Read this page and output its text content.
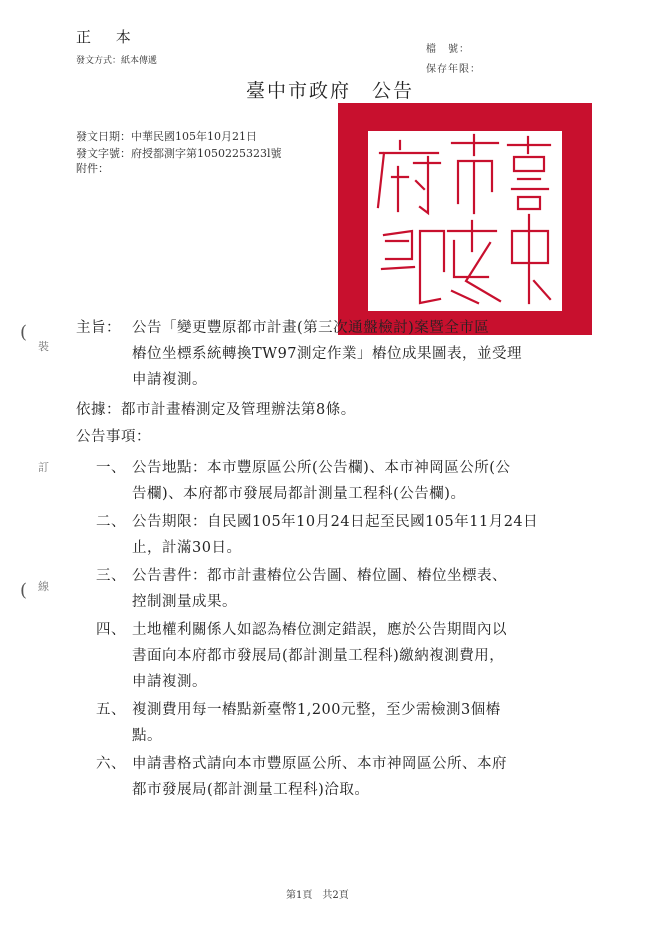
正 本
發文方式：紙本傳遞
檔　號：
保存年限：
臺中市政府　公告
發文日期：中華民國105年10月21日
發文字號：府授都測字第1050225323l號
附件：
主旨： 公告「變更豐原都市計畫(第三次通盤檢討)案暨全市區
樁位坐標系統轉換TW97測定作業」樁位成果圖表，並受理
申請複測。
依據：都市計畫樁測定及管理辦法第8條。
公告事項：
一、 公告地點：本市豐原區公所(公告欄)、本市神岡區公所(公
告欄)、本府都市發展局都計測量工程科(公告欄)。
二、 公告期限：自民國105年10月24日起至民國105年11月24日
止，計滿30日。
三、 公告書件：都市計畫樁位公告圖、樁位圖、樁位坐標表、
控制測量成果。
四、 土地權利關係人如認為樁位測定錯誤，應於公告期間內以
書面向本府都市發展局(都計測量工程科)繳納複測費用，
申請複測。
五、 複測費用每一樁點新臺幣1,200元整，至少需檢測3個樁
點。
六、 申請書格式請向本市豐原區公所、本市神岡區公所、本府
都市發展局(都計測量工程科)洽取。
(
裝
訂
線
(
第1頁　共2頁
